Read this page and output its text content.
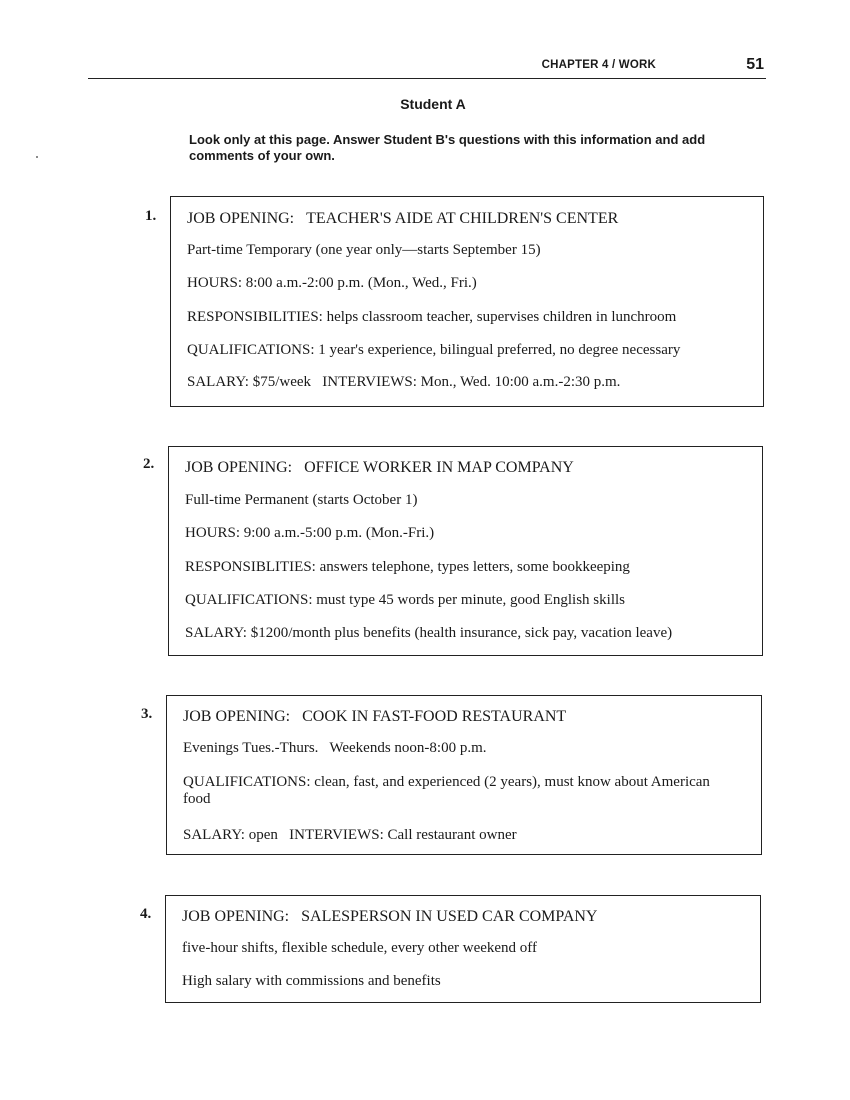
CHAPTER 4 / WORK	51
Student A
Look only at this page. Answer Student B's questions with this information and add comments of your own.
1. JOB OPENING: TEACHER'S AIDE AT CHILDREN'S CENTER

Part-time Temporary (one year only—starts September 15)

HOURS: 8:00 a.m.-2:00 p.m. (Mon., Wed., Fri.)

RESPONSIBILITIES: helps classroom teacher, supervises children in lunchroom

QUALIFICATIONS: 1 year's experience, bilingual preferred, no degree necessary

SALARY: $75/week   INTERVIEWS: Mon., Wed. 10:00 a.m.-2:30 p.m.

2. JOB OPENING: OFFICE WORKER IN MAP COMPANY

Full-time Permanent (starts October 1)

HOURS: 9:00 a.m.-5:00 p.m. (Mon.-Fri.)

RESPONSIBLITIES: answers telephone, types letters, some bookkeeping

QUALIFICATIONS: must type 45 words per minute, good English skills

SALARY: $1200/month plus benefits (health insurance, sick pay, vacation leave)

3. JOB OPENING: COOK IN FAST-FOOD RESTAURANT

Evenings Tues.-Thurs.   Weekends noon-8:00 p.m.

QUALIFICATIONS: clean, fast, and experienced (2 years), must know about American food

SALARY: open   INTERVIEWS: Call restaurant owner

4. JOB OPENING: SALESPERSON IN USED CAR COMPANY

five-hour shifts, flexible schedule, every other weekend off

High salary with commissions and benefits
